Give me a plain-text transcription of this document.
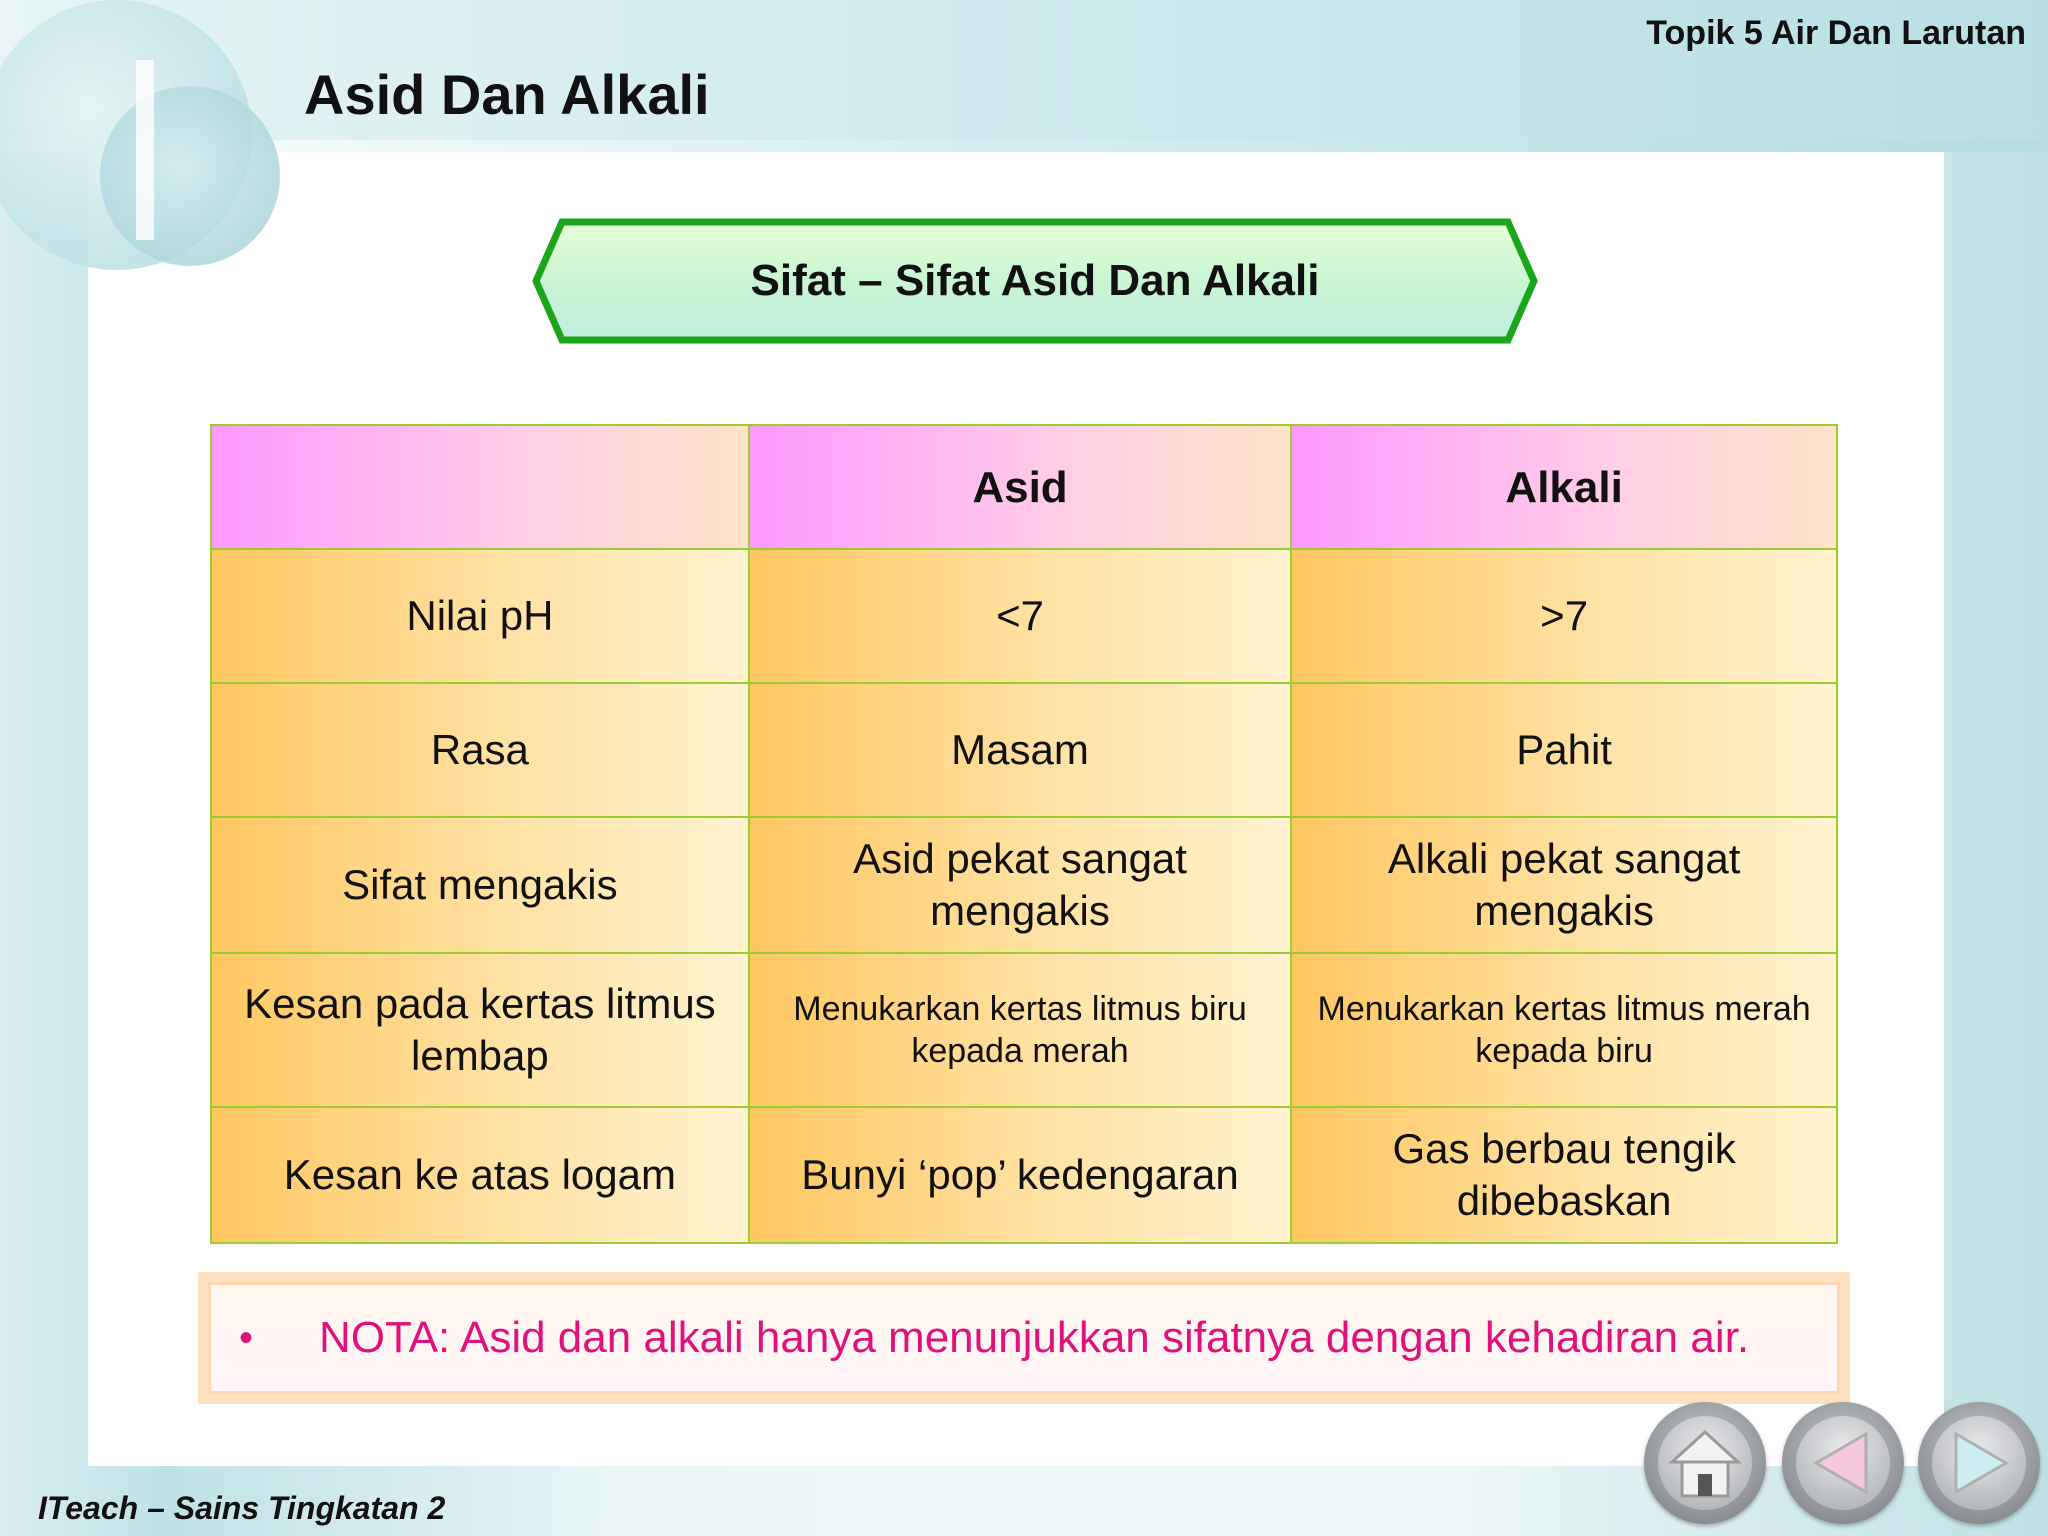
Topik 5 Air Dan Larutan
Asid Dan Alkali
Sifat – Sifat Asid Dan Alkali
	Asid	Alkali
Nilai pH	<7	>7
Rasa	Masam	Pahit
Sifat mengakis	Asid pekat sangat mengakis	Alkali pekat sangat mengakis
Kesan pada kertas litmus lembap	Menukarkan kertas litmus biru kepada merah	Menukarkan kertas litmus merah kepada biru
Kesan ke atas logam	Bunyi ‘pop’ kedengaran	Gas berbau tengik dibebaskan
•	NOTA: Asid dan alkali hanya menunjukkan sifatnya dengan kehadiran air.
ITeach – Sains Tingkatan 2
